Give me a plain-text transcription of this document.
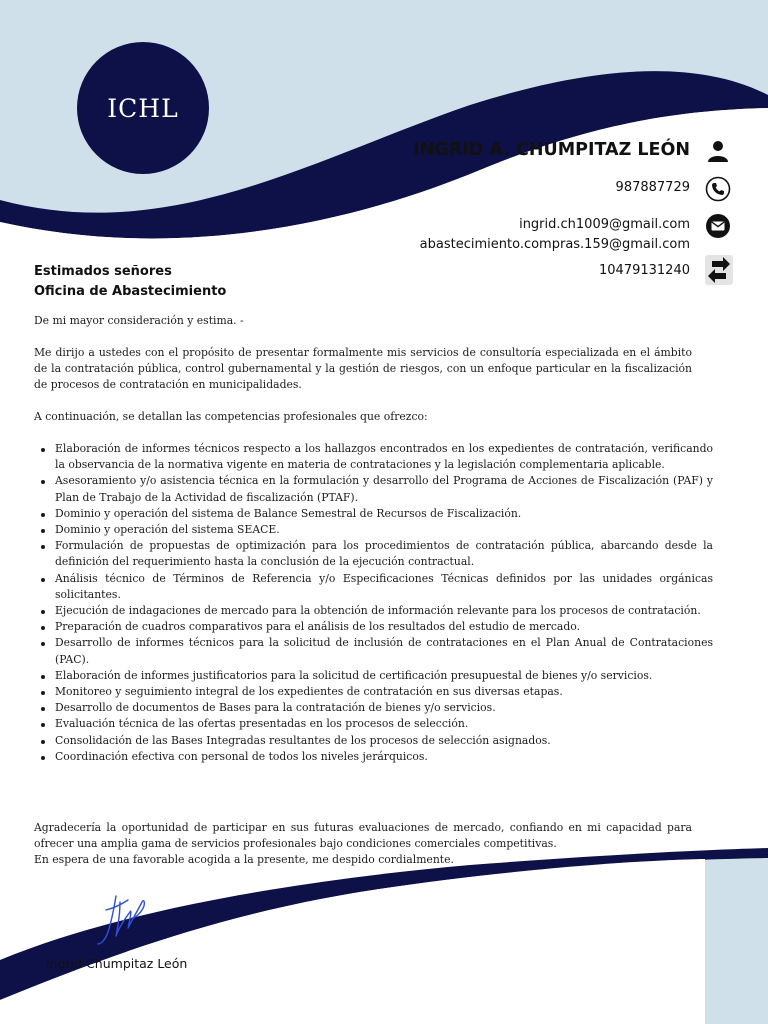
ICHL
INGRID A. CHUMPITAZ LEÓN
987887729
ingrid.ch1009@gmail.com
abastecimiento.compras.159@gmail.com
10479131240
Estimados señores
Oficina de Abastecimiento
De mi mayor consideración y estima. -
Me dirijo a ustedes con el propósito de presentar formalmente mis servicios de consultoría especializada en el ámbito de la contratación pública, control gubernamental y la gestión de riesgos, con un enfoque particular en la fiscalización de procesos de contratación en municipalidades.
A continuación, se detallan las competencias profesionales que ofrezco:
Elaboración de informes técnicos respecto a los hallazgos encontrados en los expedientes de contratación, verificando la observancia de la normativa vigente en materia de contrataciones y la legislación complementaria aplicable.
Asesoramiento y/o asistencia técnica en la formulación y desarrollo del Programa de Acciones de Fiscalización (PAF) y Plan de Trabajo de la Actividad de fiscalización (PTAF).
Dominio y operación del sistema de Balance Semestral de Recursos de Fiscalización.
Dominio y operación del sistema SEACE.
Formulación de propuestas de optimización para los procedimientos de contratación pública, abarcando desde la definición del requerimiento hasta la conclusión de la ejecución contractual.
Análisis técnico de Términos de Referencia y/o Especificaciones Técnicas definidos por las unidades orgánicas solicitantes.
Ejecución de indagaciones de mercado para la obtención de información relevante para los procesos de contratación.
Preparación de cuadros comparativos para el análisis de los resultados del estudio de mercado.
Desarrollo de informes técnicos para la solicitud de inclusión de contrataciones en el Plan Anual de Contrataciones (PAC).
Elaboración de informes justificatorios para la solicitud de certificación presupuestal de bienes y/o servicios.
Monitoreo y seguimiento integral de los expedientes de contratación en sus diversas etapas.
Desarrollo de documentos de Bases para la contratación de bienes y/o servicios.
Evaluación técnica de las ofertas presentadas en los procesos de selección.
Consolidación de las Bases Integradas resultantes de los procesos de selección asignados.
Coordinación efectiva con personal de todos los niveles jerárquicos.
Agradecería la oportunidad de participar en sus futuras evaluaciones de mercado, confiando en mi capacidad para ofrecer una amplia gama de servicios profesionales bajo condiciones comerciales competitivas.
En espera de una favorable acogida a la presente, me despido cordialmente.
Ingrid Chumpitaz León
